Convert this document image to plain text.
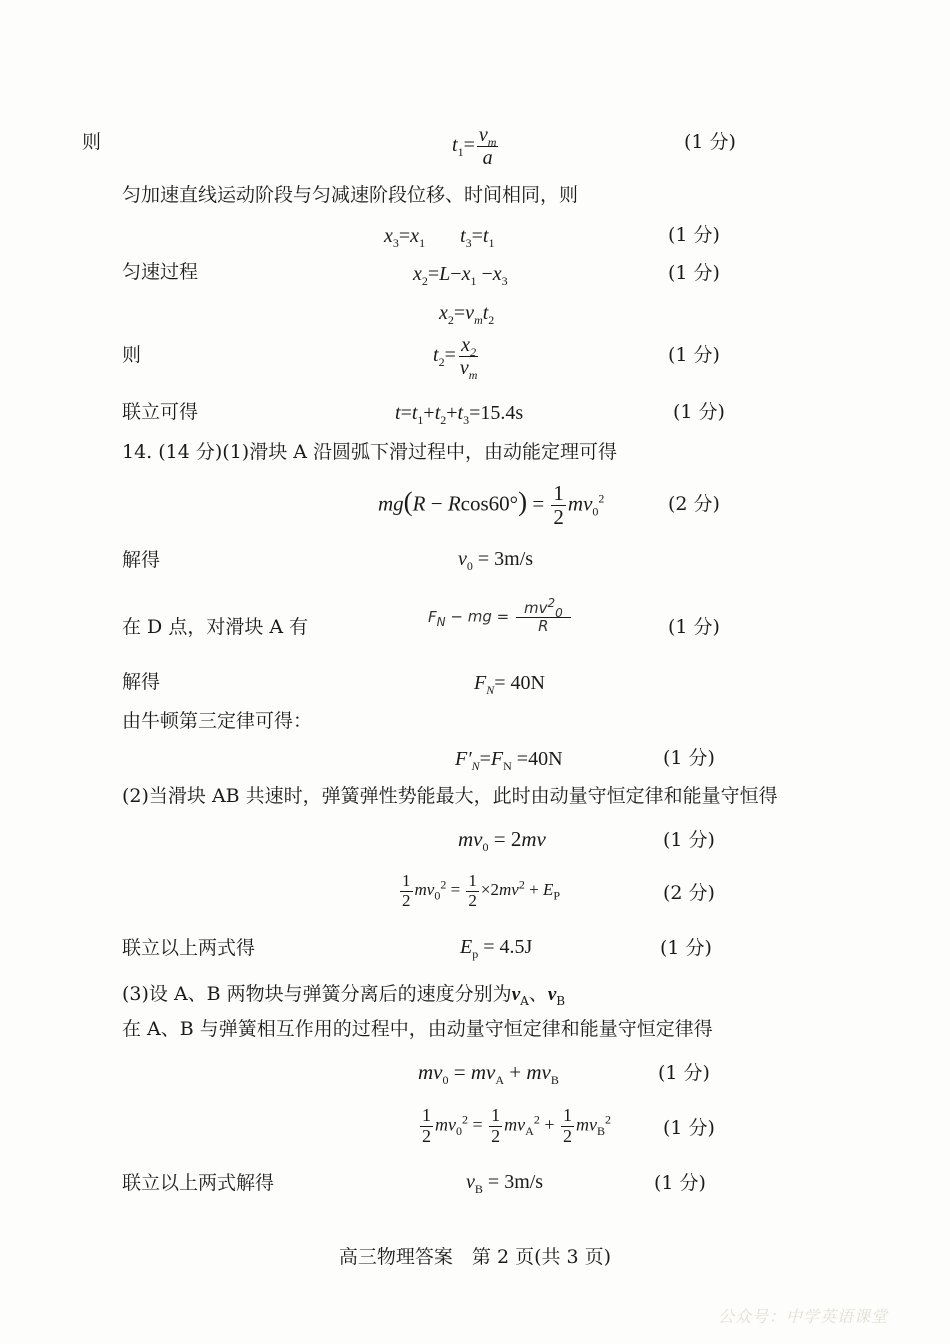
则	$t_1= \frac{v_m}{a}$	(1 分)
匀加速直线运动阶段与匀减速阶段位移、时间相同，则
$x_3=x_1$ $t_3=t_1$	(1 分)
匀速过程	$x_2=L-x_1 -x_3$	(1 分)
$x_2=v_mt_2$
则	$t_2= \frac{x_2}{v_m}$	(1 分)
联立可得	$t=t_1+t_2+t_3=15.4s$	(1 分)
14. (14 分)(1)滑块 A 沿圆弧下滑过程中，由动能定理可得
$mg(R - Rcos60^\circ) = \frac{1}{2} mv_0^2$	(2 分)
解得	$v_0 = 3m/s$
在 D 点，对滑块 A 有	$F_N$ − mg = $\frac{mv^2_0}{R}$	(1 分)
解得	$F_N= 40N$
由牛顿第三定律可得：
$F'_N=F_N =40N$	(1 分)
(2)当滑块 AB 共速时，弹簧弹性势能最大，此时由动量守恒定律和能量守恒得
$mv_0 = 2mv$	(1 分)
$\frac{1}{2} mv_0^2 = \frac{1}{2} \times 2mv^2 + E_P$	(2 分)
联立以上两式得	$E_p = 4.5J$	(1 分)
(3)设 A、B 两物块与弹簧分离后的速度分别为$v_A$、$v_B$
在 A、B 与弹簧相互作用的过程中，由动量守恒定律和能量守恒定律得
$mv_0 = mv_A + mv_B$	(1 分)
$\frac{1}{2} mv_0^2 = \frac{1}{2} mv_A^2 + \frac{1}{2} mv_B^2$	(1 分)
联立以上两式解得	$v_B = 3m/s$	(1 分)
高三物理答案　第 2 页(共 3 页)
公众号：中学英语课堂
